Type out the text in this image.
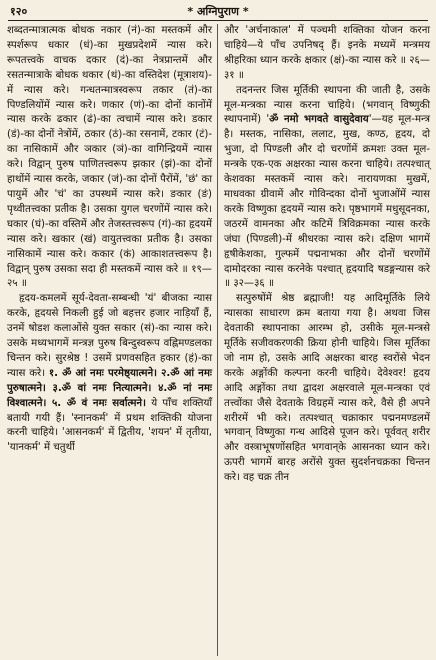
१२०	* अग्निपुराण *
शब्दतन्मात्रात्मक बोधक नकार (नं)-का मस्तकमें और स्पर्शरूप धकार (धं)-का मुखप्रदेशमें न्यास करे। रूपतत्त्वके वाचक दकार (दं)-का नेत्रप्रान्तमें और रसतन्मात्राके बोधक थकार (थं)-का वस्तिदेश (मूत्राशय)-में न्यास करे। गन्धतन्मात्रस्वरूप तकार (तं)-का पिण्डलियोंमें न्यास करे। णकार (णं)-का दोनों कानोंमें न्यास करके ढकार (ढं)-का त्वचामें न्यास करे। डकार (डं)-का दोनों नेत्रोंमें, ठकार (ठं)-का रसनामें, टकार (टं)-का नासिकामें और ञकार (ञं)-का वागिन्द्रियमें न्यास करे। विद्वान् पुरुष पाणितत्त्वरूप झकार (झं)-का दोनों हाथोंमें न्यास करके, जकार (जं)-का दोनों पैरोंमें, 'छं' का पायुमें और 'चं' का उपस्थमें न्यास करे। ङकार (ङं) पृथ्वीतत्त्वका प्रतीक है। उसका युगल चरणोंमें न्यास करे। घकार (घं)-का वस्तिमें और तेजस्तत्त्वरूप (गं)-का हृदयमें न्यास करे। खकार (खं) वायुतत्त्वका प्रतीक है। उसका नासिकामें न्यास करे। ककार (कं) आकाशतत्त्वरूप है। विद्वान् पुरुष उसका सदा ही मस्तकमें न्यास करे ॥ १९—२५ ॥
हृदय-कमलमें सूर्य-देवता-सम्बन्धी 'यं' बीजका न्यास करके, हृदयसे निकली हुई जो बहत्तर हजार नाड़ियाँ हैं, उनमें षोडश कलाओंसे युक्त सकार (सं)-का न्यास करे। उसके मध्यभागमें मन्त्रज्ञ पुरुष बिन्दुस्वरूप वह्निमण्डलका चिन्तन करे। सुरश्रेष्ठ ! उसमें प्रणवसहित हकार (हं)-का न्यास करे। १. ॐ आं नमः परमेष्ठ्यात्मने। २.ॐ आं नमः पुरुषात्मने। ३.ॐ वां नमः नित्यात्मने। ४.ॐ नां नमः विश्वात्मने। ५. ॐ वं नमः सर्वात्मने। ये पाँच शक्तियाँ बतायी गयी हैं। 'स्नानकर्म' में प्रथम शक्तिकी योजना करनी चाहिये। 'आसनकर्म' में द्वितीय, 'शयन' में तृतीया, 'यानकर्म' में चतुर्थी
और 'अर्चनाकाल' में पञ्चमी शक्तिका योजन करना चाहिये—ये पाँच उपनिषद् हैं। इनके मध्यमें मन्त्रमय श्रीहरिका ध्यान करके क्षकार (क्षं)-का न्यास करे ॥ २६—३१ ॥
तदनन्तर जिस मूर्तिकी स्थापना की जाती है, उसके मूल-मन्त्रका न्यास करना चाहिये। (भगवान् विष्णुकी स्थापनामें) 'ॐ नमो भगवते वासुदेवाय'—यह मूल-मन्त्र है। मस्तक, नासिका, ललाट, मुख, कण्ठ, हृदय, दो भुजा, दो पिण्डली और दो चरणोंमें क्रमशः उक्त मूल-मन्त्रके एक-एक अक्षरका न्यास करना चाहिये। तत्पश्चात् केशवका मस्तकमें न्यास करे। नारायणका मुखमें, माधवका ग्रीवामें और गोविन्दका दोनों भुजाओंमें न्यास करके विष्णुका हृदयमें न्यास करे। पृष्ठभागमें मधुसूदनका, जठरमें वामनका और कटिमें त्रिविक्रमका न्यास करके जंघा (पिण्डली)-में श्रीधरका न्यास करे। दक्षिण भागमें हृषीकेशका, गुल्फमें पद्मनाभका और दोनों चरणोंमें दामोदरका न्यास करनेके पश्चात् हृदयादि षडङ्गन्यास करे ॥ ३२—३६ ॥
सत्पुरुषोंमें श्रेष्ठ ब्रह्माजी! यह आदिमूर्तिके लिये न्यासका साधारण क्रम बताया गया है। अथवा जिस देवताकी स्थापनाका आरम्भ हो, उसीके मूल-मन्त्रसे मूर्तिके सजीवकरणकी क्रिया होनी चाहिये। जिस मूर्तिका जो नाम हो, उसके आदि अक्षरका बारह स्वरोंसे भेदन करके अङ्गोंकी कल्पना करनी चाहिये। देवेश्वर! हृदय आदि अङ्गोंका तथा द्वादश अक्षरवाले मूल-मन्त्रका एवं तत्त्वोंका जैसे देवताके विग्रहमें न्यास करे, वैसे ही अपने शरीरमें भी करे। तत्पश्चात् चक्राकार पद्मनमण्डलमें भगवान् विष्णुका गन्ध आदिसे पूजन करे। पूर्ववत् शरीर और वस्त्राभूषणोंसहित भगवान्‌के आसनका ध्यान करे। ऊपरी भागमें बारह अरोंसे युक्त सुदर्शनचक्रका चिन्तन करे। वह चक्र तीन
